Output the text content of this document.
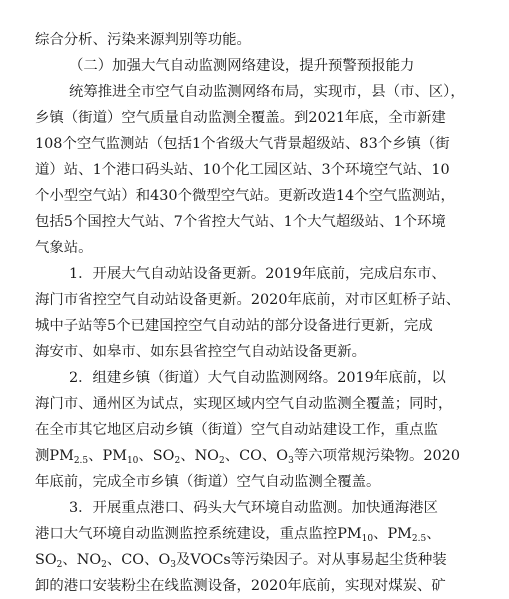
综合分析、污染来源判别等功能。
（二）加强大气自动监测网络建设，提升预警预报能力
统筹推进全市空气自动监测网络布局，实现市，县（市、区），
乡镇（街道）空气质量自动监测全覆盖。到2021年底，全市新建
108个空气监测站（包括1个省级大气背景超级站、83个乡镇（街
道）站、1个港口码头站、10个化工园区站、3个环境空气站、10
个小型空气站）和430个微型空气站。更新改造14个空气监测站，
包括5个国控大气站、7个省控大气站、1个大气超级站、1个环境
气象站。
1．开展大气自动站设备更新。2019年底前，完成启东市、
海门市省控空气自动站设备更新。2020年底前，对市区虹桥子站、
城中子站等5个已建国控空气自动站的部分设备进行更新，完成
海安市、如皋市、如东县省控空气自动站设备更新。
2．组建乡镇（街道）大气自动监测网络。2019年底前，以
海门市、通州区为试点，实现区域内空气自动监测全覆盖；同时，
在全市其它地区启动乡镇（街道）空气自动站建设工作，重点监
测$PM_{2.5}$、$PM_{10}$、$SO_2$、$NO_2$、CO、$O_3$等六项常规污染物。2020
年底前，完成全市乡镇（街道）空气自动监测全覆盖。
3．开展重点港口、码头大气环境自动监测。加快通海港区
港口大气环境自动监测监控系统建设，重点监控$PM_{10}$、$PM_{2.5}$、
$SO_2$、$NO_2$、CO、$O_3$及VOCs等污染因子。对从事易起尘货种装
卸的港口安装粉尘在线监测设备，2020年底前，实现对煤炭、矿
